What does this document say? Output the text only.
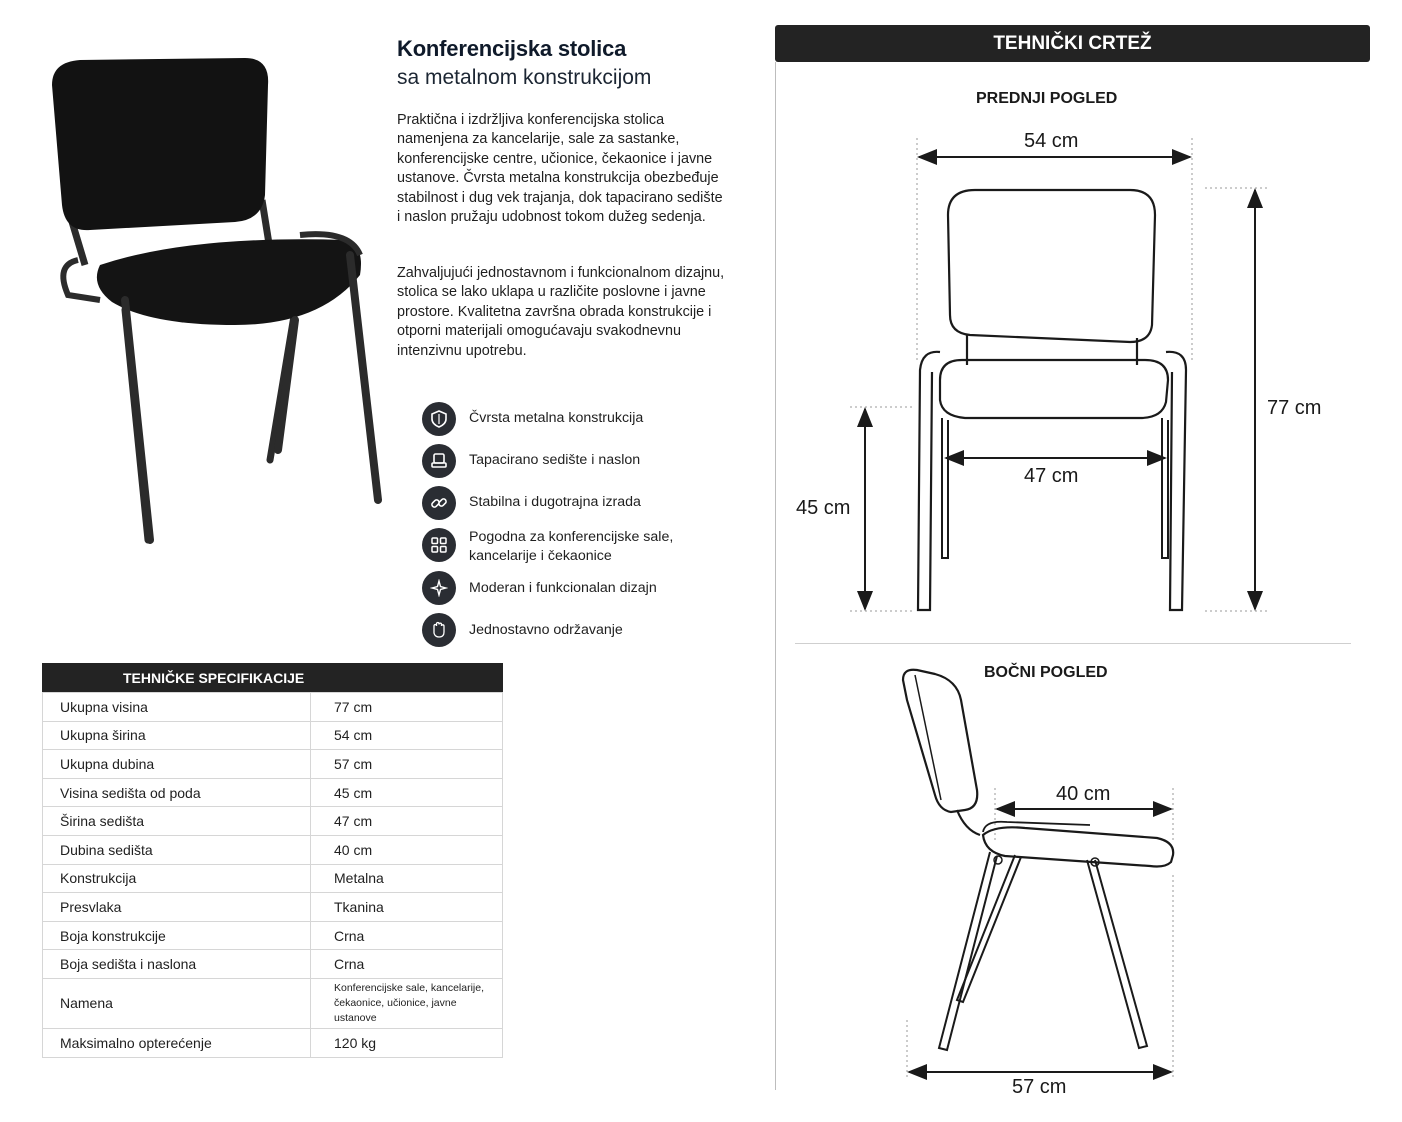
Konferencijska stolica
sa metalnom konstrukcijom
Praktična i izdržljiva konferencijska stolica namenjena za kancelarije, sale za sastanke, konferencijske centre, učionice, čekaonice i javne ustanove. Čvrsta metalna konstrukcija obezbeđuje stabilnost i dug vek trajanja, dok tapacirano sedište i naslon pružaju udobnost tokom dužeg sedenja.
Zahvaljujući jednostavnom i funkcionalnom dizajnu, stolica se lako uklapa u različite poslovne i javne prostore. Kvalitetna završna obrada konstrukcije i otporni materijali omogućavaju svakodnevnu intenzivnu upotrebu.
Čvrsta metalna konstrukcija
Tapacirano sedište i naslon
Stabilna i dugotrajna izrada
Pogodna za konferencijske sale, kancelarije i čekaonice
Moderan i funkcionalan dizajn
Jednostavno održavanje
TEHNIČKE SPECIFIKACIJE
Ukupna visina	77 cm
Ukupna širina	54 cm
Ukupna dubina	57 cm
Visina sedišta od poda	45 cm
Širina sedišta	47 cm
Dubina sedišta	40 cm
Konstrukcija	Metalna
Presvlaka	Tkanina
Boja konstrukcije	Crna
Boja sedišta i naslona	Crna
Namena	Konferencijske sale, kancelarije, čekaonice, učionice, javne ustanove
Maksimalno opterećenje	120 kg
TEHNIČKI CRTEŽ
PREDNJI POGLED
54 cm
77 cm
45 cm
47 cm
BOČNI POGLED
40 cm
57 cm
